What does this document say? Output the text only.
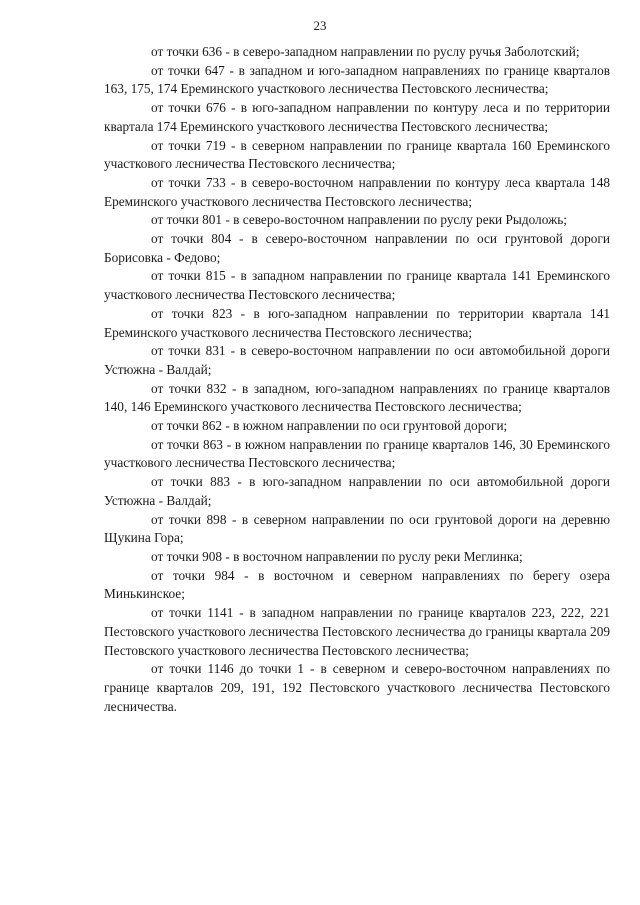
23

от точки 636 - в северо-западном направлении по руслу ручья Заболотский;

от точки 647 - в западном и юго-западном направлениях по границе кварталов 163, 175, 174 Ереминского участкового лесничества Пестовского лесничества;

от точки 676 - в юго-западном направлении по контуру леса и по территории квартала 174 Ереминского участкового лесничества Пестовского лесничества;

от точки 719 - в северном направлении по границе квартала 160 Ереминского участкового лесничества Пестовского лесничества;

от точки 733 - в северо-восточном направлении по контуру леса квартала 148 Ереминского участкового лесничества Пестовского лесничества;

от точки 801 - в северо-восточном направлении по руслу реки Рыдоложь;

от точки 804 - в северо-восточном направлении по оси грунтовой дороги Борисовка - Федово;

от точки 815 - в западном направлении по границе квартала 141 Ереминского участкового лесничества Пестовского лесничества;

от точки 823 - в юго-западном направлении по территории квартала 141 Ереминского участкового лесничества Пестовского лесничества;

от точки 831 - в северо-восточном направлении по оси автомобильной дороги Устюжна - Валдай;

от точки 832 - в западном, юго-западном направлениях по границе кварталов 140, 146 Ереминского участкового лесничества Пестовского лесничества;

от точки 862 - в южном направлении по оси грунтовой дороги;

от точки 863 - в южном направлении по границе кварталов 146, 30 Ереминского участкового лесничества Пестовского лесничества;

от точки 883 - в юго-западном направлении по оси автомобильной дороги Устюжна - Валдай;

от точки 898 - в северном направлении по оси грунтовой дороги на деревню Щукина Гора;

от точки 908 - в восточном направлении по руслу реки Меглинка;

от точки 984 - в восточном и северном направлениях по берегу озера Минькинское;

от точки 1141 - в западном направлении по границе кварталов 223, 222, 221 Пестовского участкового лесничества Пестовского лесничества до границы квартала 209 Пестовского участкового лесничества Пестовского лесничества;

от точки 1146 до точки 1 - в северном и северо-восточном направлениях по границе кварталов 209, 191, 192 Пестовского участкового лесничества Пестовского лесничества.
